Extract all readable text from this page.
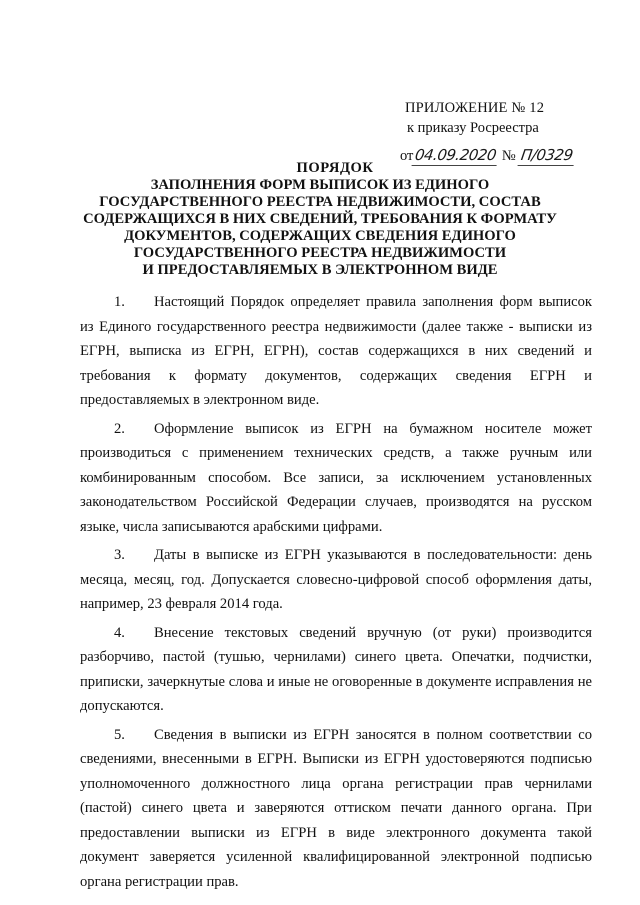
ПРИЛОЖЕНИЕ № 12
к приказу Росреестра
от04.09.2020 № П/0329
ПОРЯДОК
ЗАПОЛНЕНИЯ ФОРМ ВЫПИСОК ИЗ ЕДИНОГО
ГОСУДАРСТВЕННОГО РЕЕСТРА НЕДВИЖИМОСТИ, СОСТАВ
СОДЕРЖАЩИХСЯ В НИХ СВЕДЕНИЙ, ТРЕБОВАНИЯ К ФОРМАТУ
ДОКУМЕНТОВ, СОДЕРЖАЩИХ СВЕДЕНИЯ ЕДИНОГО
ГОСУДАРСТВЕННОГО РЕЕСТРА НЕДВИЖИМОСТИ
И ПРЕДОСТАВЛЯЕМЫХ В ЭЛЕКТРОННОМ ВИДЕ

1. Настоящий Порядок определяет правила заполнения форм выписок из Единого государственного реестра недвижимости (далее также - выписки из ЕГРН, выписка из ЕГРН, ЕГРН), состав содержащихся в них сведений и требования к формату документов, содержащих сведения ЕГРН и предоставляемых в электронном виде.

2. Оформление выписок из ЕГРН на бумажном носителе может производиться с применением технических средств, а также ручным или комбинированным способом. Все записи, за исключением установленных законодательством Российской Федерации случаев, производятся на русском языке, числа записываются арабскими цифрами.

3. Даты в выписке из ЕГРН указываются в последовательности: день месяца, месяц, год. Допускается словесно-цифровой способ оформления даты, например, 23 февраля 2014 года.

4. Внесение текстовых сведений вручную (от руки) производится разборчиво, пастой (тушью, чернилами) синего цвета. Опечатки, подчистки, приписки, зачеркнутые слова и иные не оговоренные в документе исправления не допускаются.

5. Сведения в выписки из ЕГРН заносятся в полном соответствии со сведениями, внесенными в ЕГРН. Выписки из ЕГРН удостоверяются подписью уполномоченного должностного лица органа регистрации прав чернилами (пастой) синего цвета и заверяются оттиском печати данного органа. При предоставлении выписки из ЕГРН в виде электронного документа такой документ заверяется усиленной квалифицированной электронной подписью органа регистрации прав.
